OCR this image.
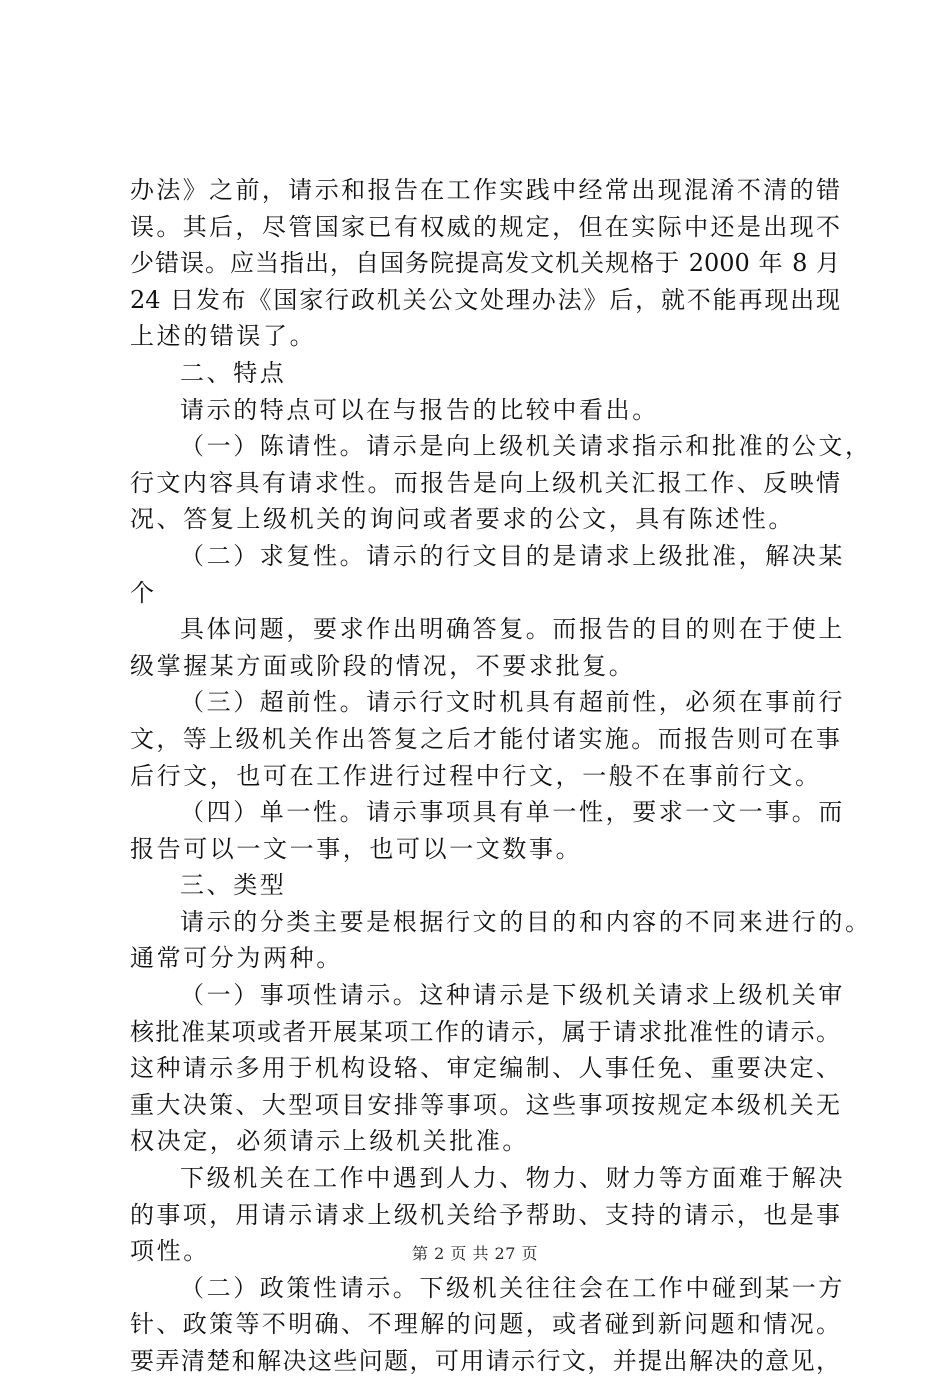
办法》之前，请示和报告在工作实践中经常出现混淆不清的错
误。其后，尽管国家已有权威的规定，但在实际中还是出现不
少错误。应当指出，自国务院提高发文机关规格于 2000 年 8 月
24 日发布《国家行政机关公文处理办法》后，就不能再现出现
上述的错误了。
二、特点
请示的特点可以在与报告的比较中看出。
（一）陈请性。请示是向上级机关请求指示和批准的公文，
行文内容具有请求性。而报告是向上级机关汇报工作、反映情
况、答复上级机关的询问或者要求的公文，具有陈述性。
（二）求复性。请示的行文目的是请求上级批准，解决某
个
具体问题，要求作出明确答复。而报告的目的则在于使上
级掌握某方面或阶段的情况，不要求批复。
（三）超前性。请示行文时机具有超前性，必须在事前行
文，等上级机关作出答复之后才能付诸实施。而报告则可在事
后行文，也可在工作进行过程中行文，一般不在事前行文。
（四）单一性。请示事项具有单一性，要求一文一事。而
报告可以一文一事，也可以一文数事。
三、类型
请示的分类主要是根据行文的目的和内容的不同来进行的。
通常可分为两种。
（一）事项性请示。这种请示是下级机关请求上级机关审
核批准某项或者开展某项工作的请示，属于请求批准性的请示。
这种请示多用于机构设辂、审定编制、人事任免、重要决定、
重大决策、大型项目安排等事项。这些事项按规定本级机关无
权决定，必须请示上级机关批准。
下级机关在工作中遇到人力、物力、财力等方面难于解决
的事项，用请示请求上级机关给予帮助、支持的请示，也是事
项性。
（二）政策性请示。下级机关往往会在工作中碰到某一方
针、政策等不明确、不理解的问题，或者碰到新问题和情况。
要弄清楚和解决这些问题，可用请示行文，并提出解决的意见，
第 2 页 共 27 页
